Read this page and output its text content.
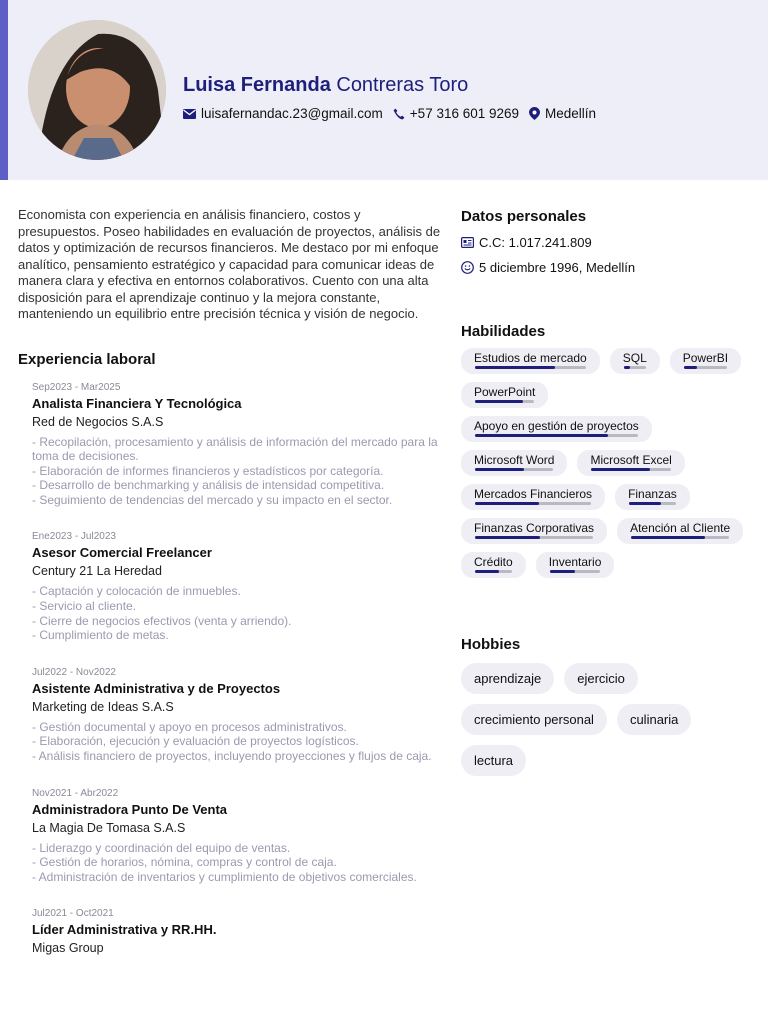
Luisa Fernanda Contreras Toro
luisafernandac.23@gmail.com +57 316 601 9269 Medellín

Economista con experiencia en análisis financiero, costos y presupuestos. Poseo habilidades en evaluación de proyectos, análisis de datos y optimización de recursos financieros. Me destaco por mi enfoque analítico, pensamiento estratégico y capacidad para comunicar ideas de manera clara y efectiva en entornos colaborativos. Cuento con una alta disposición para el aprendizaje continuo y la mejora constante, manteniendo un equilibrio entre precisión técnica y visión de negocio.

Experiencia laboral
Sep2023 - Mar2025
Analista Financiera Y Tecnológica
Red de Negocios S.A.S
- Recopilación, procesamiento y análisis de información del mercado para la toma de decisiones.
- Elaboración de informes financieros y estadísticos por categoría.
- Desarrollo de benchmarking y análisis de intensidad competitiva.
- Seguimiento de tendencias del mercado y su impacto en el sector.
Ene2023 - Jul2023
Asesor Comercial Freelancer
Century 21 La Heredad
- Captación y colocación de inmuebles.
- Servicio al cliente.
- Cierre de negocios efectivos (venta y arriendo).
- Cumplimiento de metas.
Jul2022 - Nov2022
Asistente Administrativa y de Proyectos
Marketing de Ideas S.A.S
- Gestión documental y apoyo en procesos administrativos.
- Elaboración, ejecución y evaluación de proyectos logísticos.
- Análisis financiero de proyectos, incluyendo proyecciones y flujos de caja.
Nov2021 - Abr2022
Administradora Punto De Venta
La Magia De Tomasa S.A.S
- Liderazgo y coordinación del equipo de ventas.
- Gestión de horarios, nómina, compras y control de caja.
- Administración de inventarios y cumplimiento de objetivos comerciales.
Jul2021 - Oct2021
Líder Administrativa y RR.HH.
Migas Group
Datos personales
C.C: 1.017.241.809
5 diciembre 1996, Medellín
Habilidades
Estudios de mercado	SQL	PowerBI
PowerPoint
Apoyo en gestión de proyectos
Microsoft Word	Microsoft Excel
Mercados Financieros	Finanzas
Finanzas Corporativas	Atención al Cliente
Crédito	Inventario
Hobbies
aprendizaje	ejercicio
crecimiento personal	culinaria
lectura
